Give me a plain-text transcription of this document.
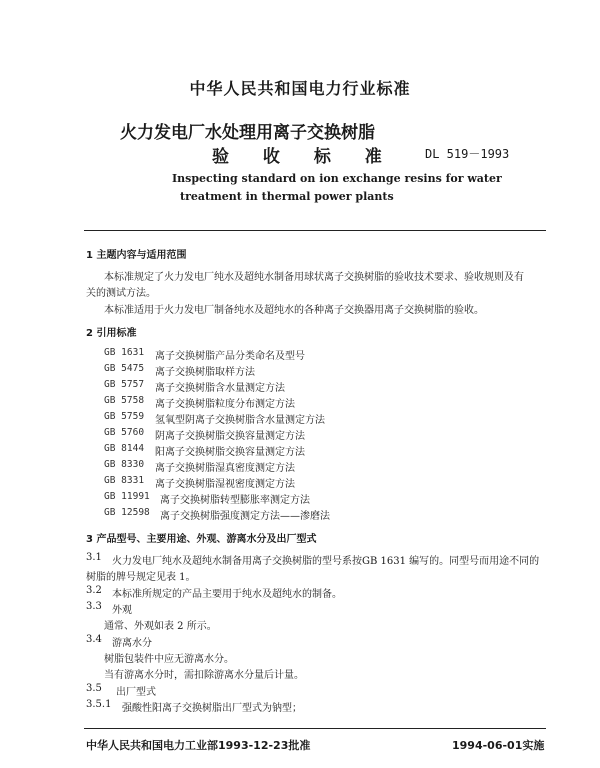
中华人民共和国电力行业标准
火力发电厂水处理用离子交换树脂
验 收 标 准 DL 519－1993
Inspecting standard on ion exchange resins for water
treatment in thermal power plants
1 主题内容与适用范围
本标准规定了火力发电厂纯水及超纯水制备用球状离子交换树脂的验收技术要求、验收规则及有
关的测试方法。
本标准适用于火力发电厂制备纯水及超纯水的各种离子交换器用离子交换树脂的验收。
2 引用标准
GB 1631 离子交换树脂产品分类命名及型号
GB 5475 离子交换树脂取样方法
GB 5757 离子交换树脂含水量测定方法
GB 5758 离子交换树脂粒度分布测定方法
GB 5759 氢氧型阴离子交换树脂含水量测定方法
GB 5760 阴离子交换树脂交换容量测定方法
GB 8144 阳离子交换树脂交换容量测定方法
GB 8330 离子交换树脂湿真密度测定方法
GB 8331 离子交换树脂湿视密度测定方法
GB 11991 离子交换树脂转型膨胀率测定方法
GB 12598 离子交换树脂强度测定方法——渗磨法
3 产品型号、主要用途、外观、游离水分及出厂型式
3.1 火力发电厂纯水及超纯水制备用离子交换树脂的型号系按GB 1631 编写的。同型号而用途不同的
树脂的牌号规定见表 1。
3.2 本标准所规定的产品主要用于纯水及超纯水的制备。
3.3 外观
通常、外观如表 2 所示。
3.4 游离水分
树脂包装件中应无游离水分。
当有游离水分时，需扣除游离水分量后计量。
3.5 出厂型式
3.5.1 强酸性阳离子交换树脂出厂型式为钠型；
中华人民共和国电力工业部1993-12-23批准	1994-06-01实施
